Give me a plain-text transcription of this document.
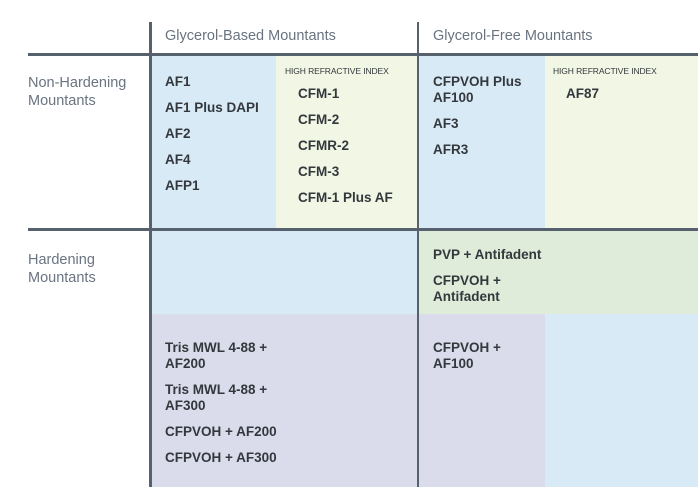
Glycerol-Based Mountants	Glycerol-Free Mountants
Non-Hardening Mountants
Hardening Mountants
AF1
AF1 Plus DAPI
AF2
AF4
AFP1
HIGH REFRACTIVE INDEX
CFM-1
CFM-2
CFMR-2
CFM-3
CFM-1 Plus AF
CFPVOH Plus AF100
AF3
AFR3
HIGH REFRACTIVE INDEX
AF87
PVP + Antifadent
CFPVOH + Antifadent
Tris MWL 4-88 + AF200
Tris MWL 4-88 + AF300
CFPVOH + AF200
CFPVOH + AF300
CFPVOH + AF100
